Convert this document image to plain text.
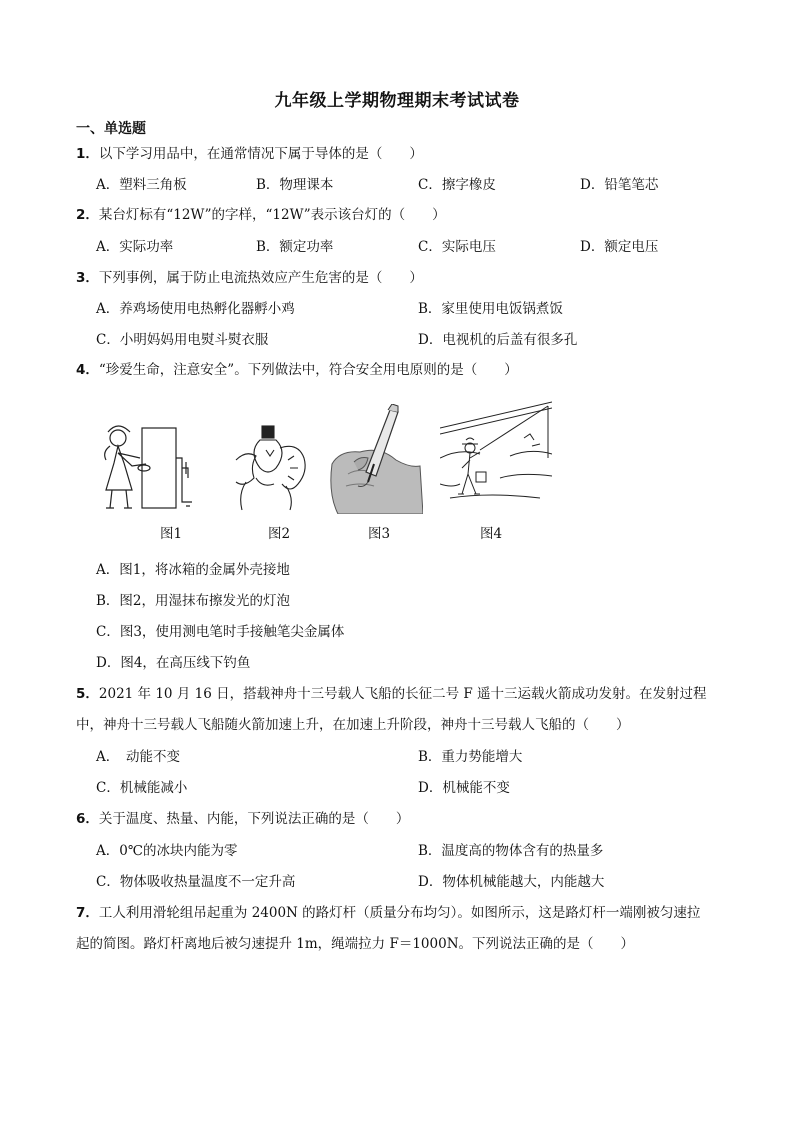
九年级上学期物理期末考试试卷
一、单选题
1．以下学习用品中，在通常情况下属于导体的是（　　）
A．塑料三角板	B．物理课本	C．擦字橡皮	D．铅笔笔芯
2．某台灯标有“12W”的字样，“12W”表示该台灯的（　　）
A．实际功率	B．额定功率	C．实际电压	D．额定电压
3．下列事例，属于防止电流热效应产生危害的是（　　）
A．养鸡场使用电热孵化器孵小鸡	B．家里使用电饭锅煮饭
C．小明妈妈用电熨斗熨衣服	D．电视机的后盖有很多孔
4．“珍爱生命，注意安全”。下列做法中，符合安全用电原则的是（　　）
图1	图2	图3	图4
A．图1，将冰箱的金属外壳接地
B．图2，用湿抹布擦发光的灯泡
C．图3，使用测电笔时手接触笔尖金属体
D．图4，在高压线下钓鱼
5．2021 年 10 月 16 日，搭载神舟十三号载人飞船的长征二号 F 遥十三运载火箭成功发射。在发射过程
中，神舟十三号载人飞船随火箭加速上升，在加速上升阶段，神舟十三号载人飞船的（　　）
A．　动能不变	B．重力势能增大
C．机械能减小	D．机械能不变
6．关于温度、热量、内能，下列说法正确的是（　　）
A．0℃的冰块内能为零	B．温度高的物体含有的热量多
C．物体吸收热量温度不一定升高	D．物体机械能越大，内能越大
7．工人利用滑轮组吊起重为 2400N 的路灯杆（质量分布均匀）。如图所示，这是路灯杆一端刚被匀速拉
起的简图。路灯杆离地后被匀速提升 1m，绳端拉力 F＝1000N。下列说法正确的是（　　）
